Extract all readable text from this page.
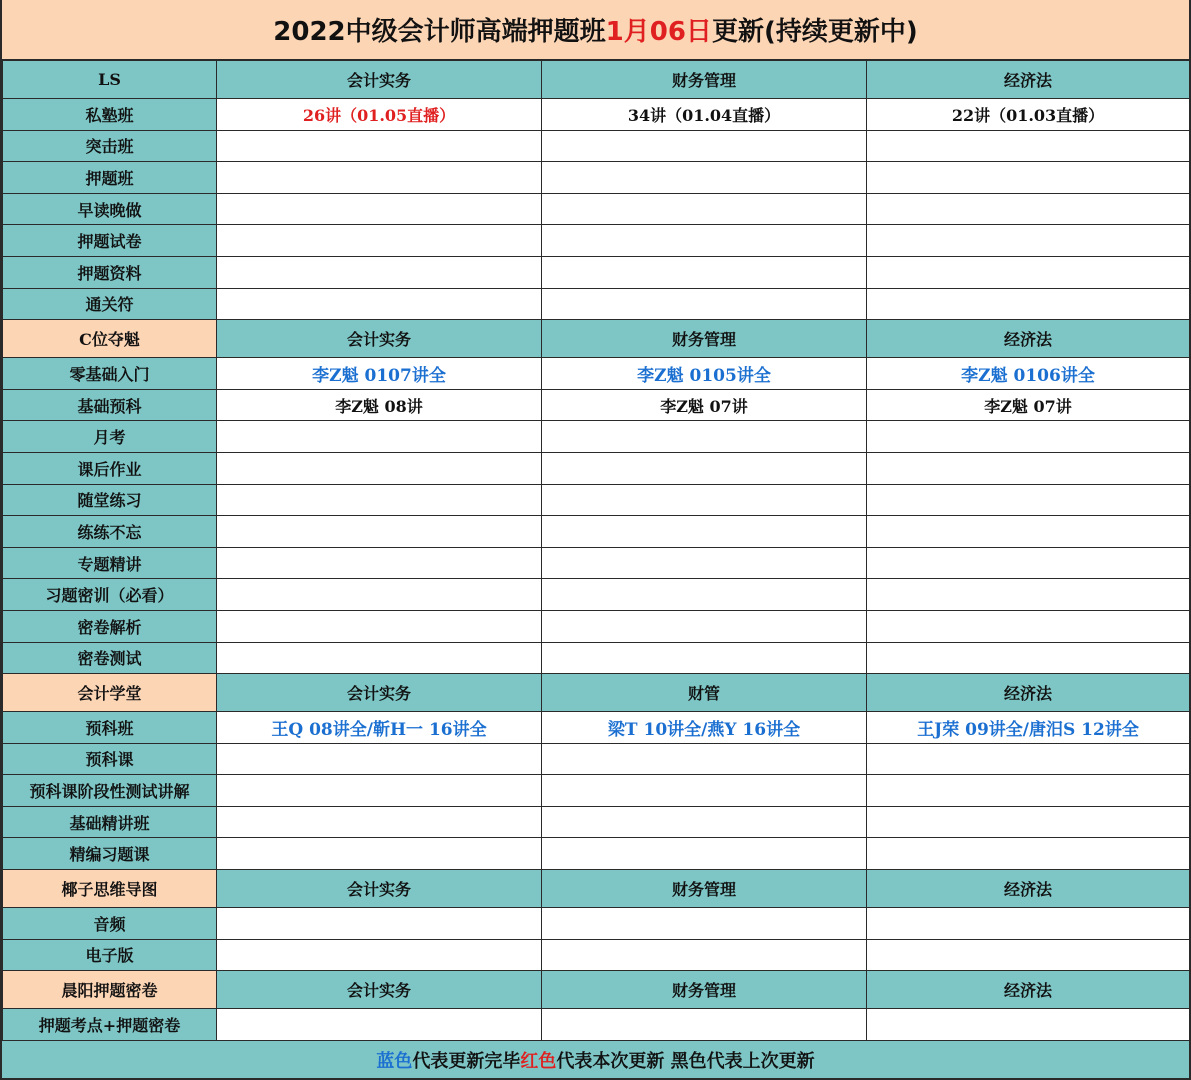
2022中级会计师高端押题班 1月06日 更新(持续更新中)
LS	会计实务	财务管理	经济法
私塾班	26讲（01.05直播）	34讲（01.04直播）	22讲（01.03直播）
突击班			
押题班			
早读晚做			
押题试卷			
押题资料			
通关符			
C位夺魁	会计实务	财务管理	经济法
零基础入门	李Z魁 0107讲全	李Z魁 0105讲全	李Z魁 0106讲全
基础预科	李Z魁 08讲	李Z魁 07讲	李Z魁 07讲
月考			
课后作业			
随堂练习			
练练不忘			
专题精讲			
习题密训（必看）			
密卷解析			
密卷测试			
会计学堂	会计实务	财管	经济法
预科班	王Q 08讲全/靳H一 16讲全	梁T 10讲全/燕Y 16讲全	王J荣 09讲全/唐汨S 12讲全
预科课			
预科课阶段性测试讲解			
基础精讲班			
精编习题课			
椰子思维导图	会计实务	财务管理	经济法
音频			
电子版			
晨阳押题密卷	会计实务	财务管理	经济法
押题考点+押题密卷			
蓝色 代表更新完毕 红色 代表本次更新 黑色代表上次更新
